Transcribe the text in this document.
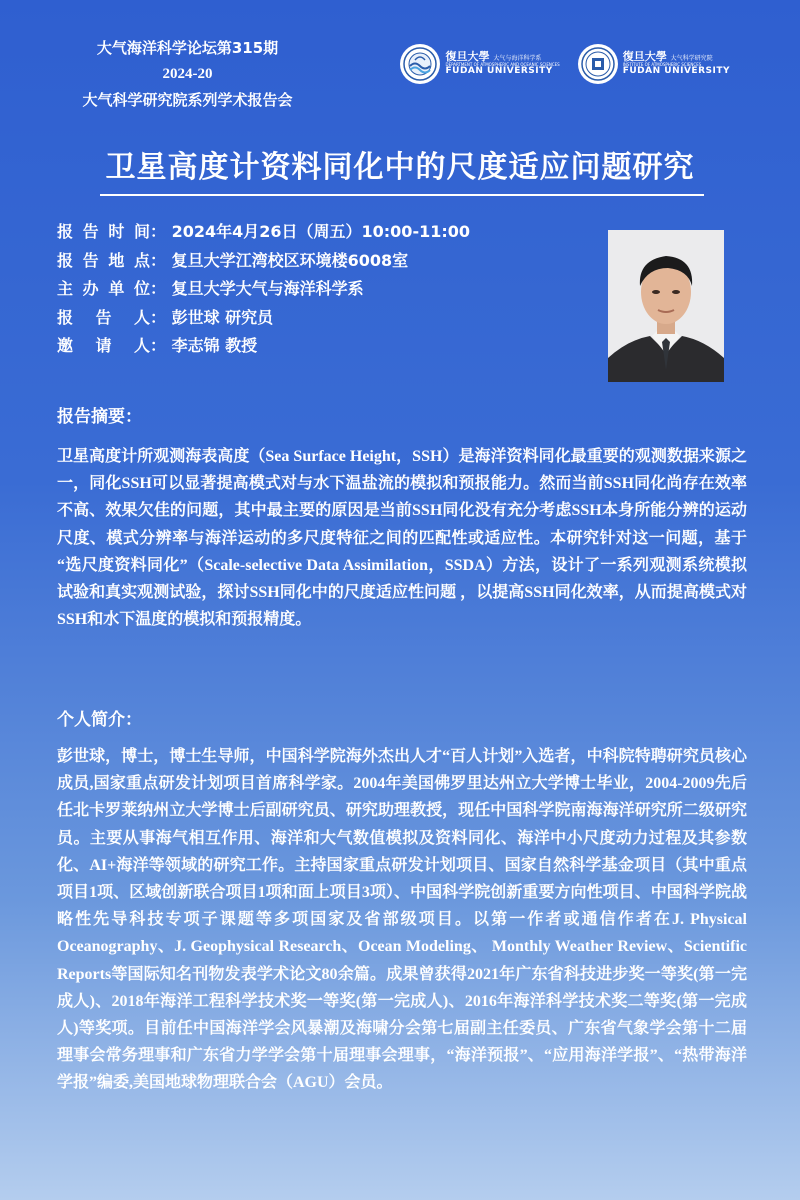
大气海洋科学论坛第315期
2024-20
大气科学研究院系列学术报告会
復旦大學 大气与海洋科学系
DEPARTMENT OF ATMOSPHERIC AND OCEANIC SCIENCES
FUDAN UNIVERSITY
復旦大學 大气科学研究院
INSTITUTE OF ATMOSPHERIC SCIENCES
FUDAN UNIVERSITY
卫星高度计资料同化中的尺度适应问题研究
报告时间： 2024年4月26日（周五）10:00-11:00
报告地点： 复旦大学江湾校区环境楼6008室
主办单位： 复旦大学大气与海洋科学系
报告人： 彭世球 研究员
邀请人： 李志锦 教授
报告摘要：
卫星高度计所观测海表高度（Sea Surface Height，SSH）是海洋资料同化最重要的观测数据来源之一，同化SSH可以显著提高模式对与水下温盐流的模拟和预报能力。然而当前SSH同化尚存在效率不高、效果欠佳的问题，其中最主要的原因是当前SSH同化没有充分考虑SSH本身所能分辨的运动尺度、模式分辨率与海洋运动的多尺度特征之间的匹配性或适应性。本研究针对这一问题，基于 “选尺度资料同化”（Scale-selective Data Assimilation，SSDA）方法，设计了一系列观测系统模拟试验和真实观测试验，探讨SSH同化中的尺度适应性问题 ，以提高SSH同化效率，从而提高模式对SSH和水下温度的模拟和预报精度。
个人简介：
彭世球，博士，博士生导师，中国科学院海外杰出人才“百人计划”入选者，中科院特聘研究员核心成员,国家重点研发计划项目首席科学家。2004年美国佛罗里达州立大学博士毕业，2004-2009先后任北卡罗莱纳州立大学博士后副研究员、研究助理教授，现任中国科学院南海海洋研究所二级研究员。主要从事海气相互作用、海洋和大气数值模拟及资料同化、海洋中小尺度动力过程及其参数化、AI+海洋等领域的研究工作。主持国家重点研发计划项目、国家自然科学基金项目（其中重点项目1项、区域创新联合项目1项和面上项目3项）、中国科学院创新重要方向性项目、中国科学院战略性先导科技专项子课题等多项国家及省部级项目。以第一作者或通信作者在J. Physical Oceanography、J. Geophysical Research、Ocean Modeling、 Monthly Weather Review、Scientific Reports等国际知名刊物发表学术论文80余篇。成果曾获得2021年广东省科技进步奖一等奖(第一完成人)、2018年海洋工程科学技术奖一等奖(第一完成人)、2016年海洋科学技术奖二等奖(第一完成人)等奖项。目前任中国海洋学会风暴潮及海啸分会第七届副主任委员、广东省气象学会第十二届理事会常务理事和广东省力学学会第十届理事会理事，“海洋预报”、“应用海洋学报”、“热带海洋学报”编委,美国地球物理联合会（AGU）会员。
